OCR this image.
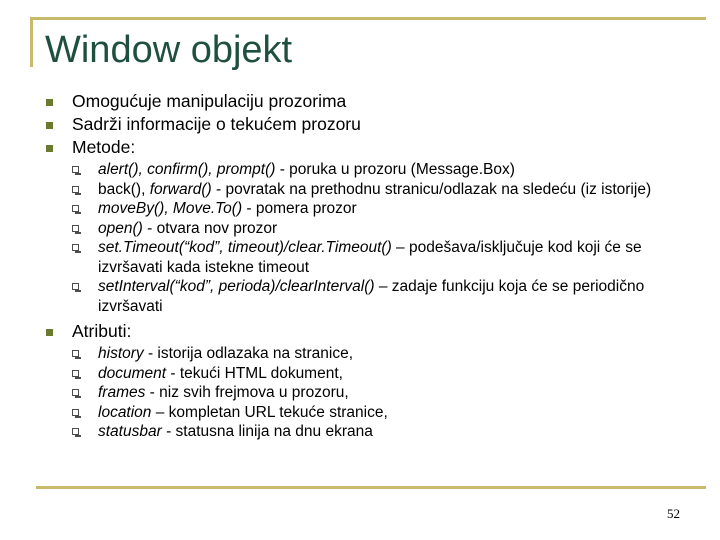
Window objekt
Omogućuje manipulaciju prozorima
Sadrži informacije o tekućem prozoru
Metode:
alert(), confirm(), prompt() - poruka u prozoru (Message.Box)
back(), forward() - povratak na prethodnu stranicu/odlazak na sledeću (iz istorije)
moveBy(), Move.To() - pomera prozor
open() - otvara nov prozor
set.Timeout(“kod”, timeout)/clear.Timeout() – podešava/isključuje kod koji će se izvršavati kada istekne timeout
setInterval(“kod”, perioda)/clearInterval() – zadaje funkciju koja će se periodično izvršavati
Atributi:
history - istorija odlazaka na stranice,
document - tekući HTML dokument,
frames - niz svih frejmova u prozoru,
location – kompletan URL tekuće stranice,
statusbar - statusna linija na dnu ekrana
52
